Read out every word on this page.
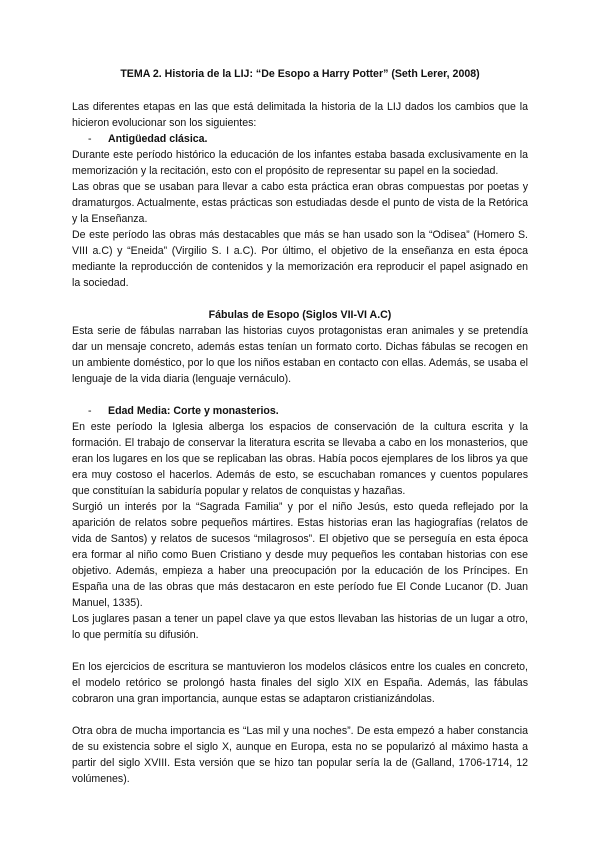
TEMA 2. Historia de la LIJ: “De Esopo a Harry Potter” (Seth Lerer, 2008)

Las diferentes etapas en las que está delimitada la historia de la LIJ dados los cambios que la hicieron evolucionar son los siguientes:

-	Antigüedad clásica.

Durante este período histórico la educación de los infantes estaba basada exclusivamente en la memorización y la recitación, esto con el propósito de representar su papel en la sociedad.

Las obras que se usaban para llevar a cabo esta práctica eran obras compuestas por poetas y dramaturgos. Actualmente, estas prácticas son estudiadas desde el punto de vista de la Retórica y la Enseñanza.

De este período las obras más destacables que más se han usado son la “Odisea” (Homero S. VIII a.C) y “Eneida” (Virgilio S. I a.C). Por último, el objetivo de la enseñanza en esta época mediante la reproducción de contenidos y la memorización era reproducir el papel asignado en la sociedad.

Fábulas de Esopo (Siglos VII-VI A.C)

Esta serie de fábulas narraban las historias cuyos protagonistas eran animales y se pretendía dar un mensaje concreto, además estas tenían un formato corto. Dichas fábulas se recogen en un ambiente doméstico, por lo que los niños estaban en contacto con ellas. Además, se usaba el lenguaje de la vida diaria (lenguaje vernáculo).

-	Edad Media: Corte y monasterios.

En este período la Iglesia alberga los espacios de conservación de la cultura escrita y la formación. El trabajo de conservar la literatura escrita se llevaba a cabo en los monasterios, que eran los lugares en los que se replicaban las obras. Había pocos ejemplares de los libros ya que era muy costoso el hacerlos. Además de esto, se escuchaban romances y cuentos populares que constituían la sabiduría popular y relatos de conquistas y hazañas.

Surgió un interés por la “Sagrada Familia” y por el niño Jesús, esto queda reflejado por la aparición de relatos sobre pequeños mártires. Estas historias eran las hagiografías (relatos de vida de Santos) y relatos de sucesos “milagrosos”. El objetivo que se perseguía en esta época era formar al niño como Buen Cristiano y desde muy pequeños les contaban historias con ese objetivo. Además, empieza a haber una preocupación por la educación de los Príncipes. En España una de las obras que más destacaron en este período fue El Conde Lucanor (D. Juan Manuel, 1335).

Los juglares pasan a tener un papel clave ya que estos llevaban las historias de un lugar a otro, lo que permitía su difusión.

En los ejercicios de escritura se mantuvieron los modelos clásicos entre los cuales en concreto, el modelo retórico se prolongó hasta finales del siglo XIX en España. Además, las fábulas cobraron una gran importancia, aunque estas se adaptaron cristianizándolas.

Otra obra de mucha importancia es “Las mil y una noches”. De esta empezó a haber constancia de su existencia sobre el siglo X, aunque en Europa, esta no se popularizó al máximo hasta a partir del siglo XVIII. Esta versión que se hizo tan popular sería la de (Galland, 1706-1714, 12 volúmenes).
